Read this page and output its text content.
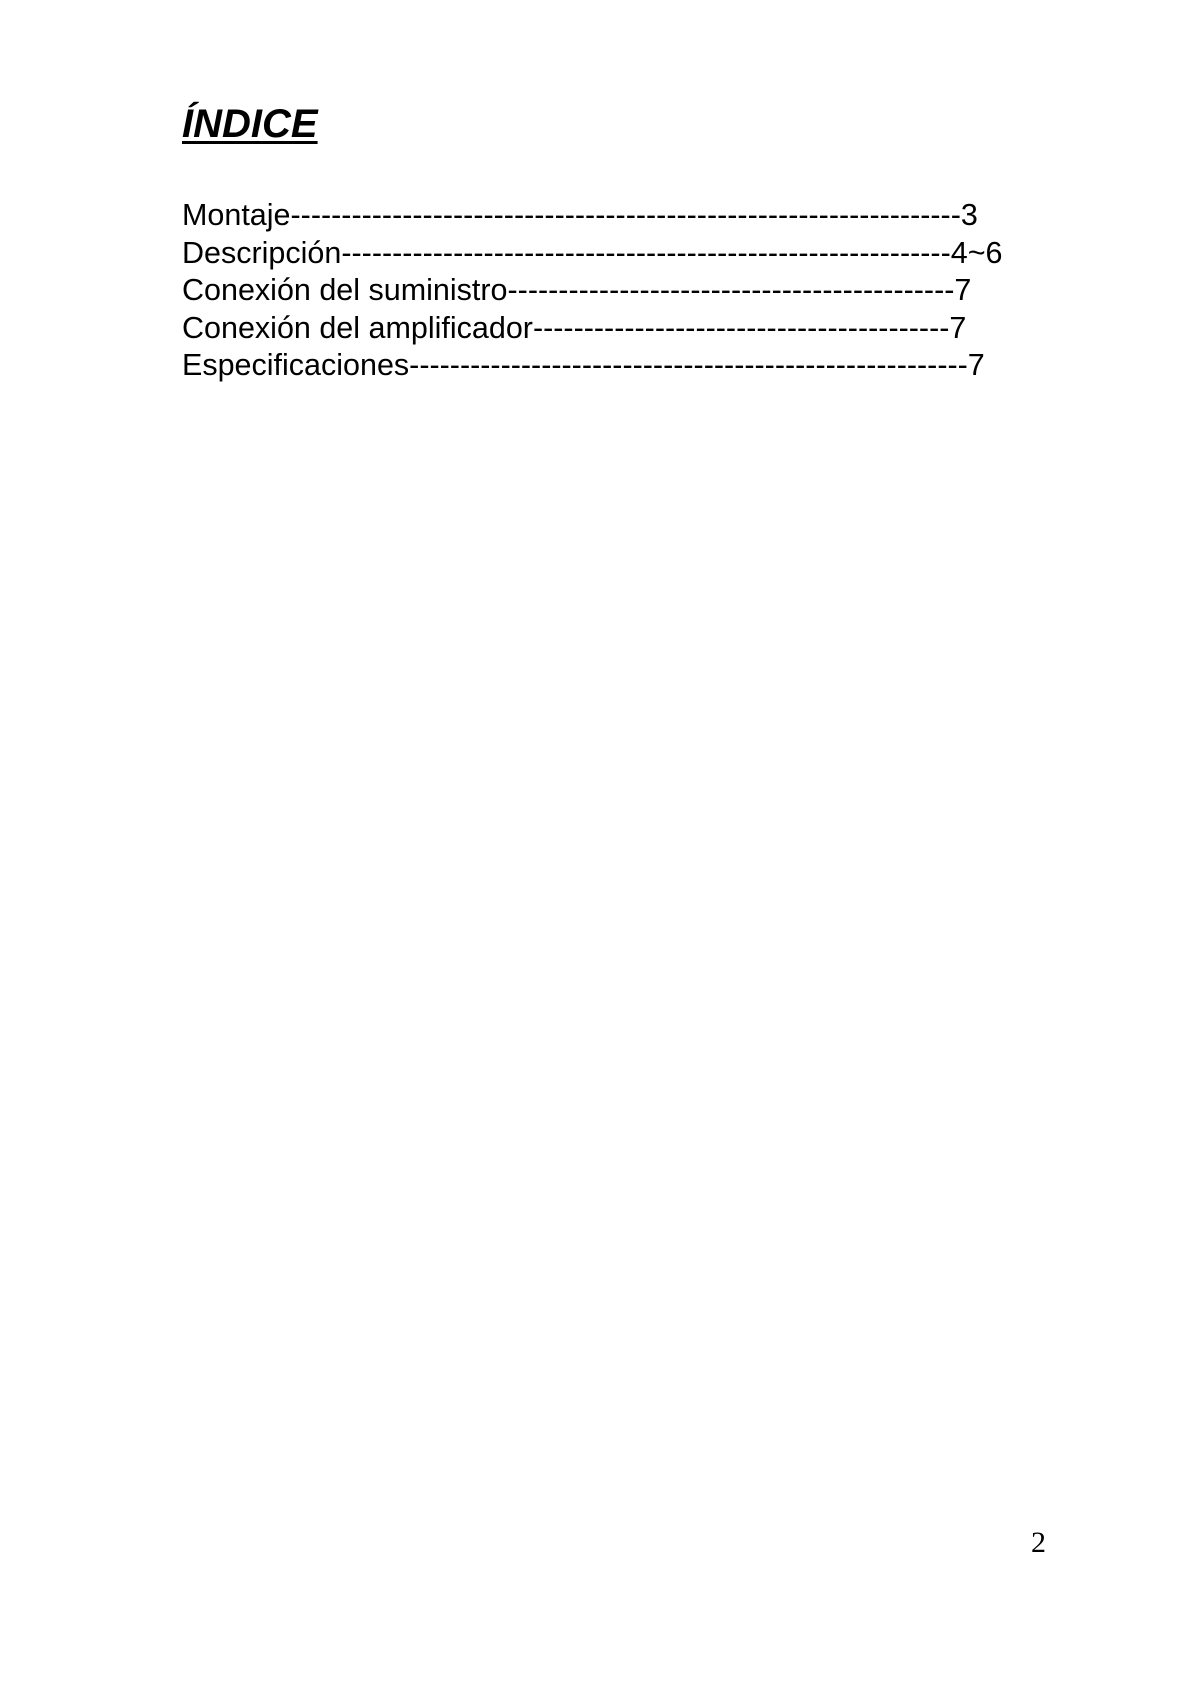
ÍNDICE
Montaje------------------------------------------------------------------3
Descripción------------------------------------------------------------4~6
Conexión del suministro--------------------------------------------7
Conexión del amplificador-----------------------------------------7
Especificaciones-------------------------------------------------------7
2
